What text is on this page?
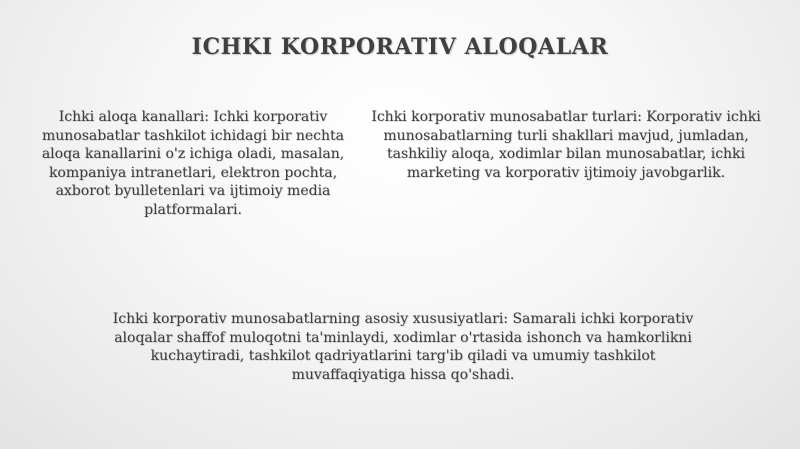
ICHKI KORPORATIV ALOQALAR
Ichki aloqa kanallari: Ichki korporativ munosabatlar tashkilot ichidagi bir nechta aloqa kanallarini o'z ichiga oladi, masalan, kompaniya intranetlari, elektron pochta, axborot byulletenlari va ijtimoiy media platformalari.
Ichki korporativ munosabatlar turlari: Korporativ ichki munosabatlarning turli shakllari mavjud, jumladan, tashkiliy aloqa, xodimlar bilan munosabatlar, ichki marketing va korporativ ijtimoiy javobgarlik.
Ichki korporativ munosabatlarning asosiy xususiyatlari: Samarali ichki korporativ aloqalar shaffof muloqotni ta'minlaydi, xodimlar o'rtasida ishonch va hamkorlikni kuchaytiradi, tashkilot qadriyatlarini targ'ib qiladi va umumiy tashkilot muvaffaqiyatiga hissa qo'shadi.
